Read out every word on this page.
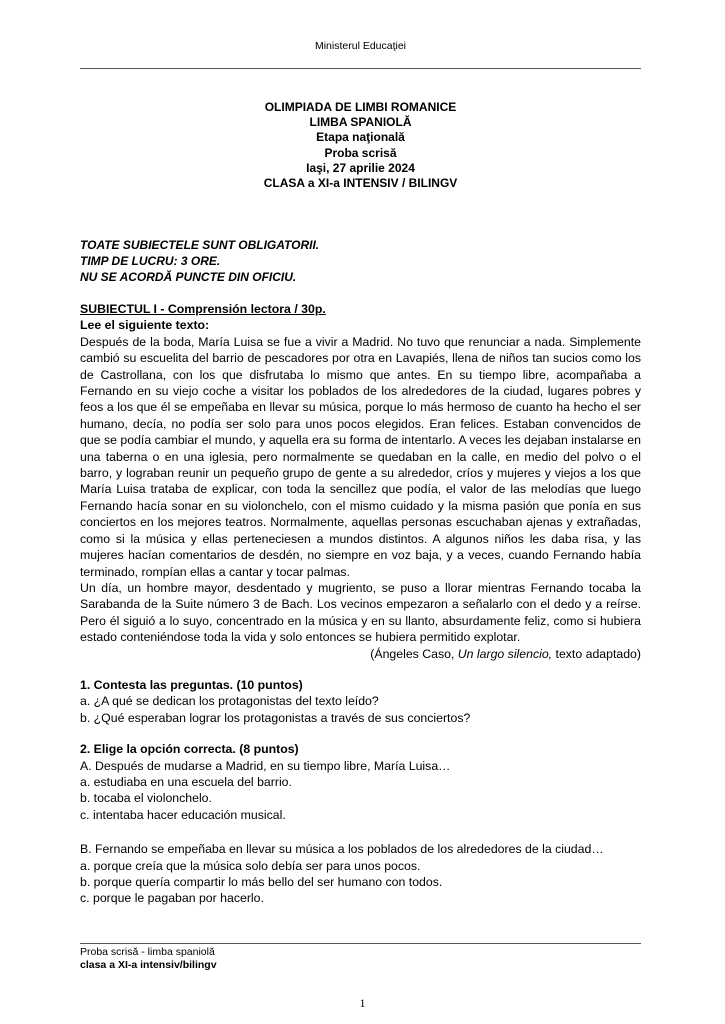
Ministerul Educaţiei
OLIMPIADA DE LIMBI ROMANICE
LIMBA SPANIOLĂ
Etapa naţională
Proba scrisă
Iaşi, 27 aprilie 2024
CLASA a XI-a INTENSIV / BILINGV
TOATE SUBIECTELE SUNT OBLIGATORII.
TIMP DE LUCRU: 3 ORE.
NU SE ACORDĂ PUNCTE DIN OFICIU.
SUBIECTUL I - Comprensión lectora / 30p.
Lee el siguiente texto:
Después de la boda, María Luisa se fue a vivir a Madrid. No tuvo que renunciar a nada. Simplemente cambió su escuelita del barrio de pescadores por otra en Lavapiés, llena de niños tan sucios como los de Castrollana, con los que disfrutaba lo mismo que antes. En su tiempo libre, acompañaba a Fernando en su viejo coche a visitar los poblados de los alrededores de la ciudad, lugares pobres y feos a los que él se empeñaba en llevar su música, porque lo más hermoso de cuanto ha hecho el ser humano, decía, no podía ser solo para unos pocos elegidos. Eran felices. Estaban convencidos de que se podía cambiar el mundo, y aquella era su forma de intentarlo. A veces les dejaban instalarse en una taberna o en una iglesia, pero normalmente se quedaban en la calle, en medio del polvo o el barro, y lograban reunir un pequeño grupo de gente a su alrededor, críos y mujeres y viejos a los que María Luisa trataba de explicar, con toda la sencillez que podía, el valor de las melodías que luego Fernando hacía sonar en su violonchelo, con el mismo cuidado y la misma pasión que ponía en sus conciertos en los mejores teatros. Normalmente, aquellas personas escuchaban ajenas y extrañadas, como si la música y ellas perteneciesen a mundos distintos. A algunos niños les daba risa, y las mujeres hacían comentarios de desdén, no siempre en voz baja, y a veces, cuando Fernando había terminado, rompían ellas a cantar y tocar palmas.
Un día, un hombre mayor, desdentado y mugriento, se puso a llorar mientras Fernando tocaba la Sarabanda de la Suite número 3 de Bach. Los vecinos empezaron a señalarlo con el dedo y a reírse. Pero él siguió a lo suyo, concentrado en la música y en su llanto, absurdamente feliz, como si hubiera estado conteniéndose toda la vida y solo entonces se hubiera permitido explotar.
(Ángeles Caso, Un largo silencio, texto adaptado)
1. Contesta las preguntas. (10 puntos)
a. ¿A qué se dedican los protagonistas del texto leído?
b. ¿Qué esperaban lograr los protagonistas a través de sus conciertos?
2. Elige la opción correcta. (8 puntos)
A. Después de mudarse a Madrid, en su tiempo libre, María Luisa…
a. estudiaba en una escuela del barrio.
b. tocaba el violonchelo.
c. intentaba hacer educación musical.
B. Fernando se empeñaba en llevar su música a los poblados de los alrededores de la ciudad…
a. porque creía que la música solo debía ser para unos pocos.
b. porque quería compartir lo más bello del ser humano con todos.
c. porque le pagaban por hacerlo.
Proba scrisă - limba spaniolă
clasa a XI-a intensiv/bilingv
1
